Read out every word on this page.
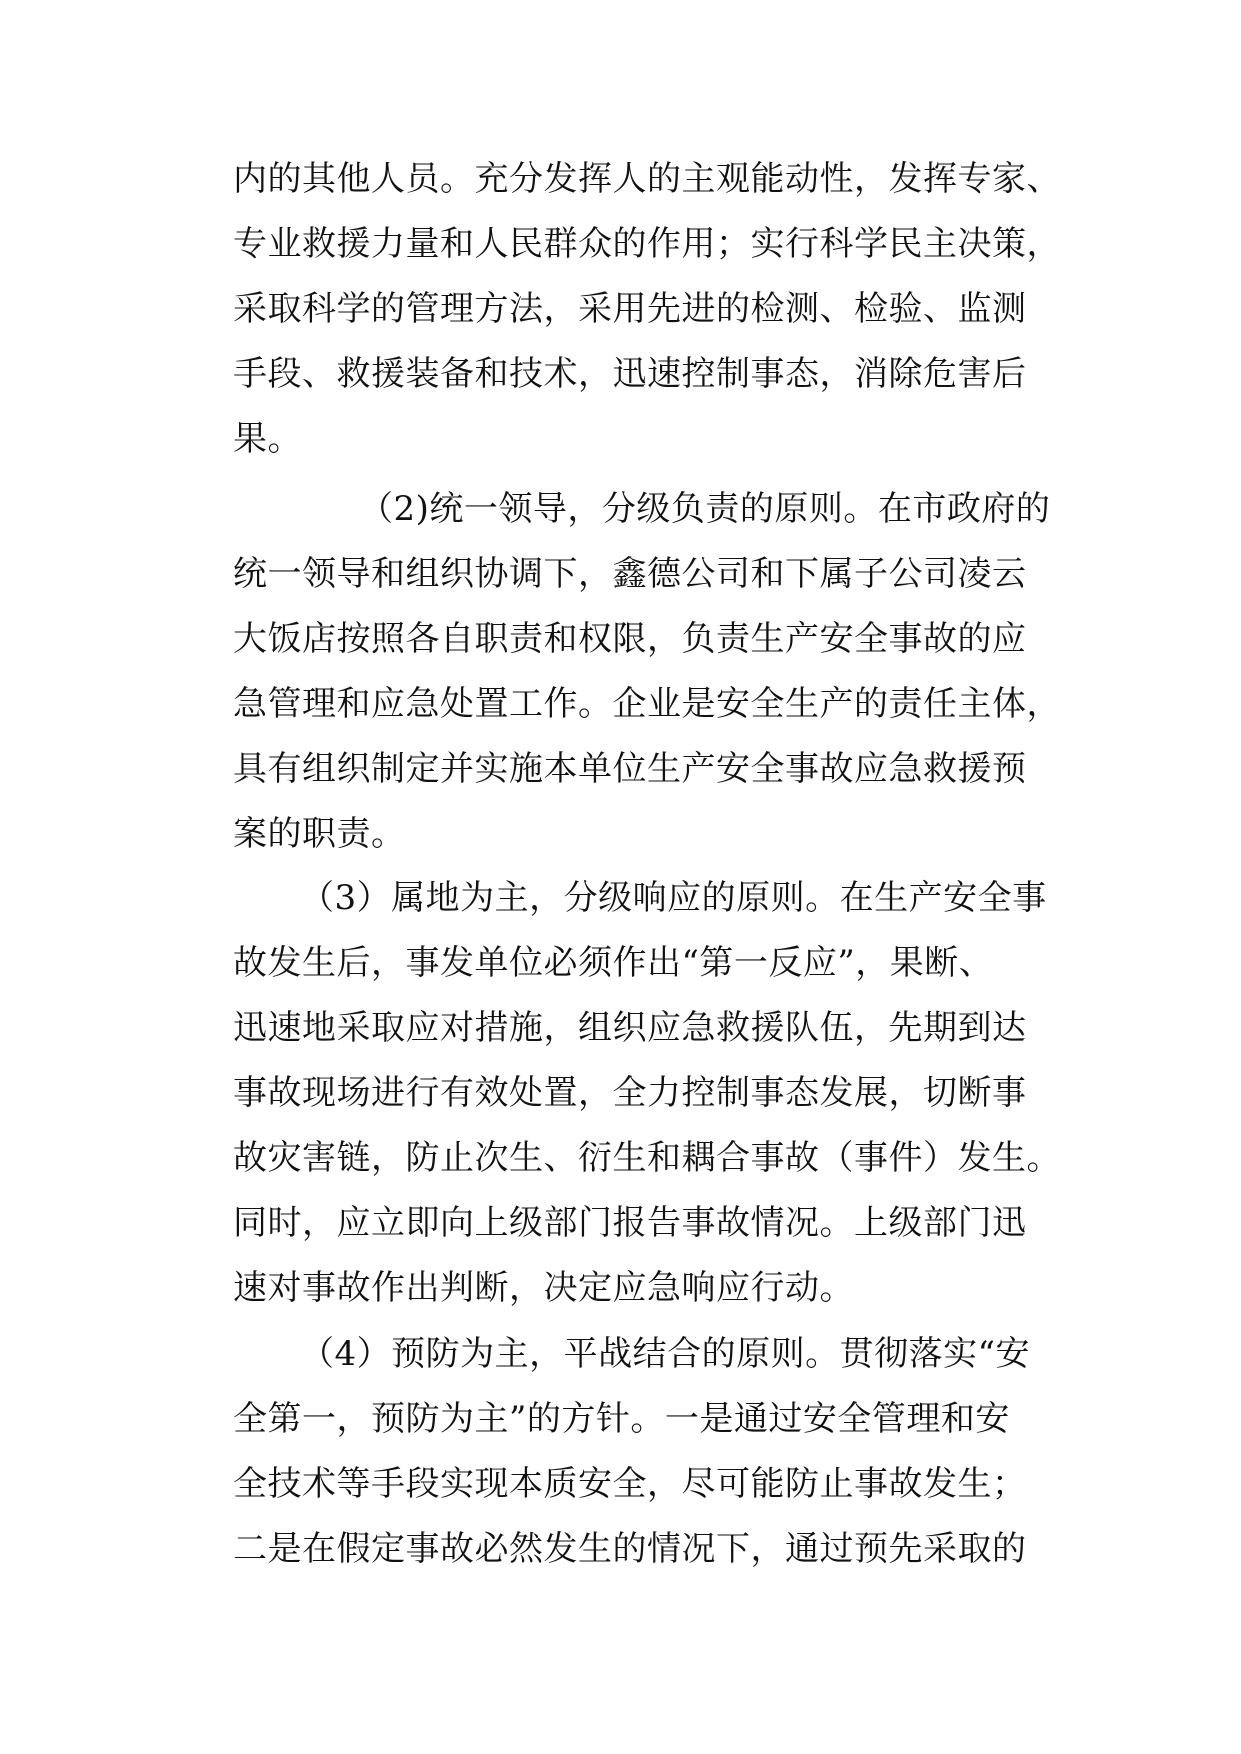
内的其他人员。充分发挥人的主观能动性，发挥专家、
专业救援力量和人民群众的作用；实行科学民主决策，
采取科学的管理方法，采用先进的检测、检验、监测
手段、救援装备和技术，迅速控制事态，消除危害后
果。
（2)统一领导，分级负责的原则。在市政府的
统一领导和组织协调下，鑫德公司和下属子公司凌云
大饭店按照各自职责和权限，负责生产安全事故的应
急管理和应急处置工作。企业是安全生产的责任主体，
具有组织制定并实施本单位生产安全事故应急救援预
案的职责。
（3）属地为主，分级响应的原则。在生产安全事
故发生后，事发单位必须作出“第一反应”，果断、
迅速地采取应对措施，组织应急救援队伍，先期到达
事故现场进行有效处置，全力控制事态发展，切断事
故灾害链，防止次生、衍生和耦合事故（事件）发生。
同时，应立即向上级部门报告事故情况。上级部门迅
速对事故作出判断，决定应急响应行动。
（4）预防为主，平战结合的原则。贯彻落实“安
全第一，预防为主”的方针。一是通过安全管理和安
全技术等手段实现本质安全，尽可能防止事故发生；
二是在假定事故必然发生的情况下，通过预先采取的
